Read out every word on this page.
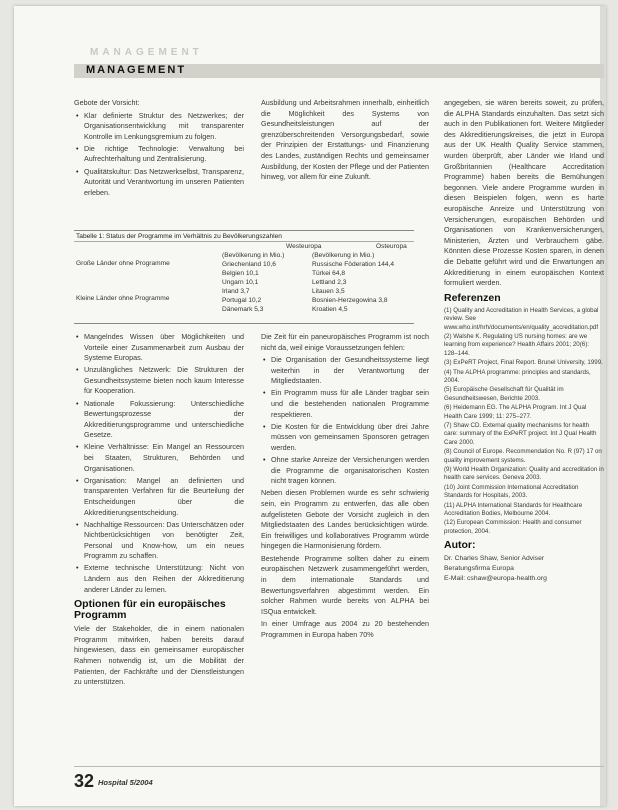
MANAGEMENT
MANAGEMENT

Gebote der Vorsicht:

• Klar definierte Struktur des Netzwerkes; der Organisationsentwicklung mit transparenter Kontrolle im Lenkungsgremium zu folgen.
• Die richtige Technologie: Verwaltung bei Aufrechterhaltung und Zentralisierung.
• Qualitätskultur: Das Netzwerkselbst, Transparenz, Autorität und Verantwortung im unseren Patienten erleben.

Ausbildung und Arbeitsrahmen innerhalb, einheitlich die Möglichkeit des Systems von Gesundheitsleistungen auf der grenzüberschreitenden Versorgungsbedarf, sowie der Prinzipien der Erstattungs- und Finanzierung des Landes, zuständigen Rechts und gemeinsamer Ausbildung, der Kosten der Pflege und der Patienten hinweg, vor allem für eine Zukunft.

Tabelle 1: Status der Programme im Verhältnis zu Bevölkerungszahlen
Westeuropa	Osteuropa
Große Länder ohne Programme
Kleine Länder ohne Programme
(Bevölkerung in Mio.)
Griechenland 10,6
Belgien 10,1
Ungarn 10,1
Irland 3,7
Portugal 10,2
Dänemark 5,3
(Bevölkerung in Mio.)
Russische Föderation 144,4
Türkei 64,8
Lettland 2,3
Litauen 3,5
Bosnien-Herzegowina 3,8
Kroatien 4,5
• Mangelndes Wissen über Möglichkeiten und Vorteile einer Zusammenarbeit zum Ausbau der Systeme Europas.
• Unzulängliches Netzwerk: Die Strukturen der Gesundheitssysteme bieten noch kaum Interesse für Kooperation.
• Nationale Fokussierung: Unterschiedliche Bewertungsprozesse der Akkreditierungsprogramme und unterschiedliche Gesetze.
• Kleine Verhältnisse: Ein Mangel an Ressourcen bei Staaten, Strukturen, Behörden und Organisationen.
• Organisation: Mangel an definierten und transparenten Verfahren für die Beurteilung der Entscheidungen über die Akkreditierungsentscheidung.
• Nachhaltige Ressourcen: Das Unterschätzen oder Nichtberücksichtigen von benötigter Zeit, Personal und Know-how, um ein neues Programm zu schaffen.
• Externe technische Unterstützung: Nicht von Ländern aus den Reihen der Akkreditierung anderer Länder zu lernen.
Optionen für ein europäisches Programm

Viele der Stakeholder, die in einem nationalen Programm mitwirken, haben bereits darauf hingewiesen, dass ein gemeinsamer europäischer Rahmen notwendig ist, um die Mobilität der Patienten, der Fachkräfte und der Dienstleistungen zu unterstützen.

Die Zeit für ein paneuropäisches Programm ist noch nicht da, weil einige Voraussetzungen fehlen:

• Die Organisation der Gesundheitssysteme liegt weiterhin in der Verantwortung der Mitgliedstaaten.
• Ein Programm muss für alle Länder tragbar sein und die bestehenden nationalen Programme respektieren.
• Die Kosten für die Entwicklung über drei Jahre müssen von gemeinsamen Sponsoren getragen werden.
• Ohne starke Anreize der Versicherungen werden die Programme die organisatorischen Kosten nicht tragen können.

Neben diesen Problemen wurde es sehr schwierig sein, ein Programm zu entwerfen, das alle oben aufgelisteten Gebote der Vorsicht zugleich in den Mitgliedstaaten des Landes berücksichtigen würde. Ein freiwilliges und kollaboratives Programm würde hingegen die Harmonisierung fördern.

Bestehende Programme sollten daher zu einem europäischen Netzwerk zusammengeführt werden, in dem internationale Standards und Bewertungsverfahren abgestimmt werden. Ein solcher Rahmen wurde bereits von ALPHA bei ISQua entwickelt.

In einer Umfrage aus 2004 zu 20 bestehenden Programmen in Europa haben 70%

angegeben, sie wären bereits soweit, zu prüfen, die ALPHA Standards einzuhalten. Das setzt sich auch in den Publikationen fort. Weitere Mitglieder des Akkreditierungskreises, die jetzt in Europa aus der UK Health Quality Service stammen, wurden überprüft, aber Länder wie Irland und Großbritannien (Healthcare Accreditation Programme) haben bereits die Bemühungen begonnen. Viele andere Programme wurden in diesen Beispielen folgen, wenn es harte europäische Anreize und Unterstützung von Versicherungen, europäischen Behörden und Organisationen von Krankenversicherungen, Ministerien, Ärzten und Verbrauchern gäbe. Könnten diese Prozesse Kosten sparen, in denen die Debatte geführt wird und die Erwartungen an Akkreditierung in einem europäischen Kontext formuliert werden.

Referenzen
(1) Quality and Accreditation in Health Services, a global review. See www.who.int/hrh/documents/en/quality_accreditation.pdf
(2) Walshe K. Regulating US nursing homes: are we learning from experience? Health Affairs 2001; 20(6): 128–144.
(3) ExPeRT Project, Final Report. Brunel University, 1999.
(4) The ALPHA programme: principles and standards, 2004.
(5) Europäische Gesellschaft für Qualität im Gesundheitswesen, Berichte 2003.
(6) Heidemann EG. The ALPHA Program. Int J Qual Health Care 1999; 11: 275–277.
(7) Shaw CD. External quality mechanisms for health care: summary of the ExPeRT project. Int J Qual Health Care 2000.
(8) Council of Europe. Recommendation No. R (97) 17 on quality improvement systems.
(9) World Health Organization: Quality and accreditation in health care services. Geneva 2003.
(10) Joint Commission International Accreditation Standards for Hospitals, 2003.
(11) ALPHA International Standards for Healthcare Accreditation Bodies, Melbourne 2004.
(12) European Commission: Health and consumer protection, 2004.
Autor:
Dr. Charles Shaw, Senior Adviser
Beratungsfirma Europa
E-Mail: cshaw@europa-health.org
32 Hospital 5/2004
